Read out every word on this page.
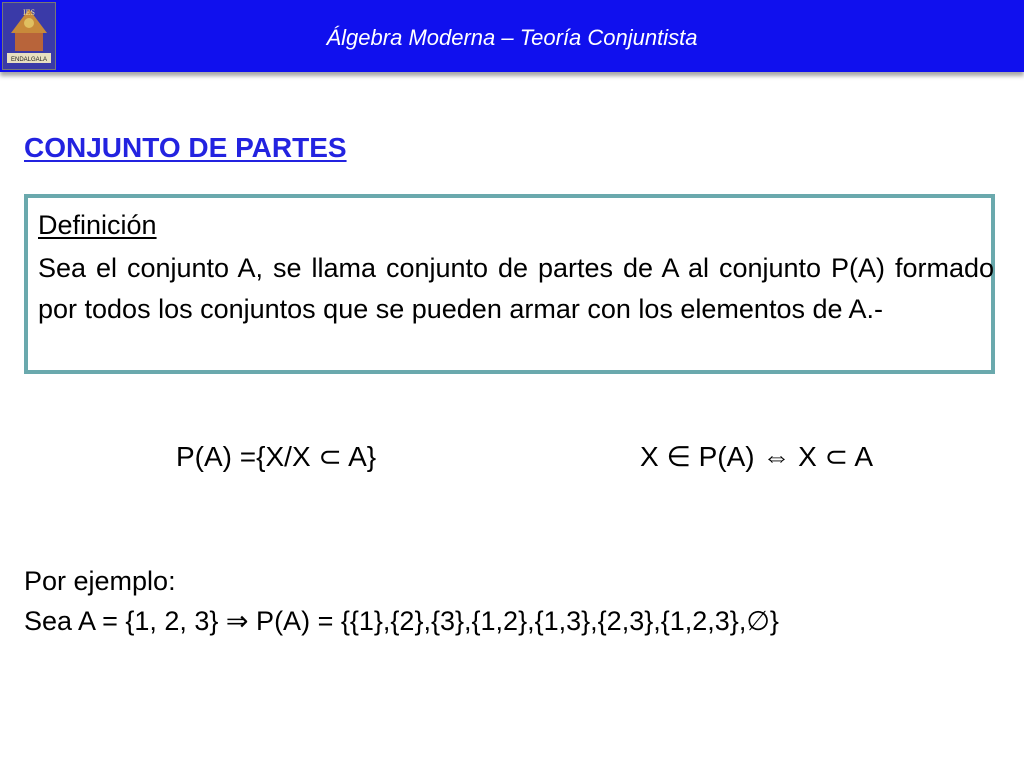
ENDALGALA
IES
Álgebra Moderna – Teoría Conjuntista
CONJUNTO DE PARTES
Definición
Sea el conjunto A, se llama conjunto de partes de A al conjunto P(A) formado por todos los conjuntos que se pueden armar con los elementos de A.-
P(A) ={X/X ⊂ A}	X ∈ P(A) ⇔ X ⊂ A
Por ejemplo:
Sea A = {1, 2, 3} ⇒ P(A) = {{1},{2},{3},{1,2},{1,3},{2,3},{1,2,3},∅}
